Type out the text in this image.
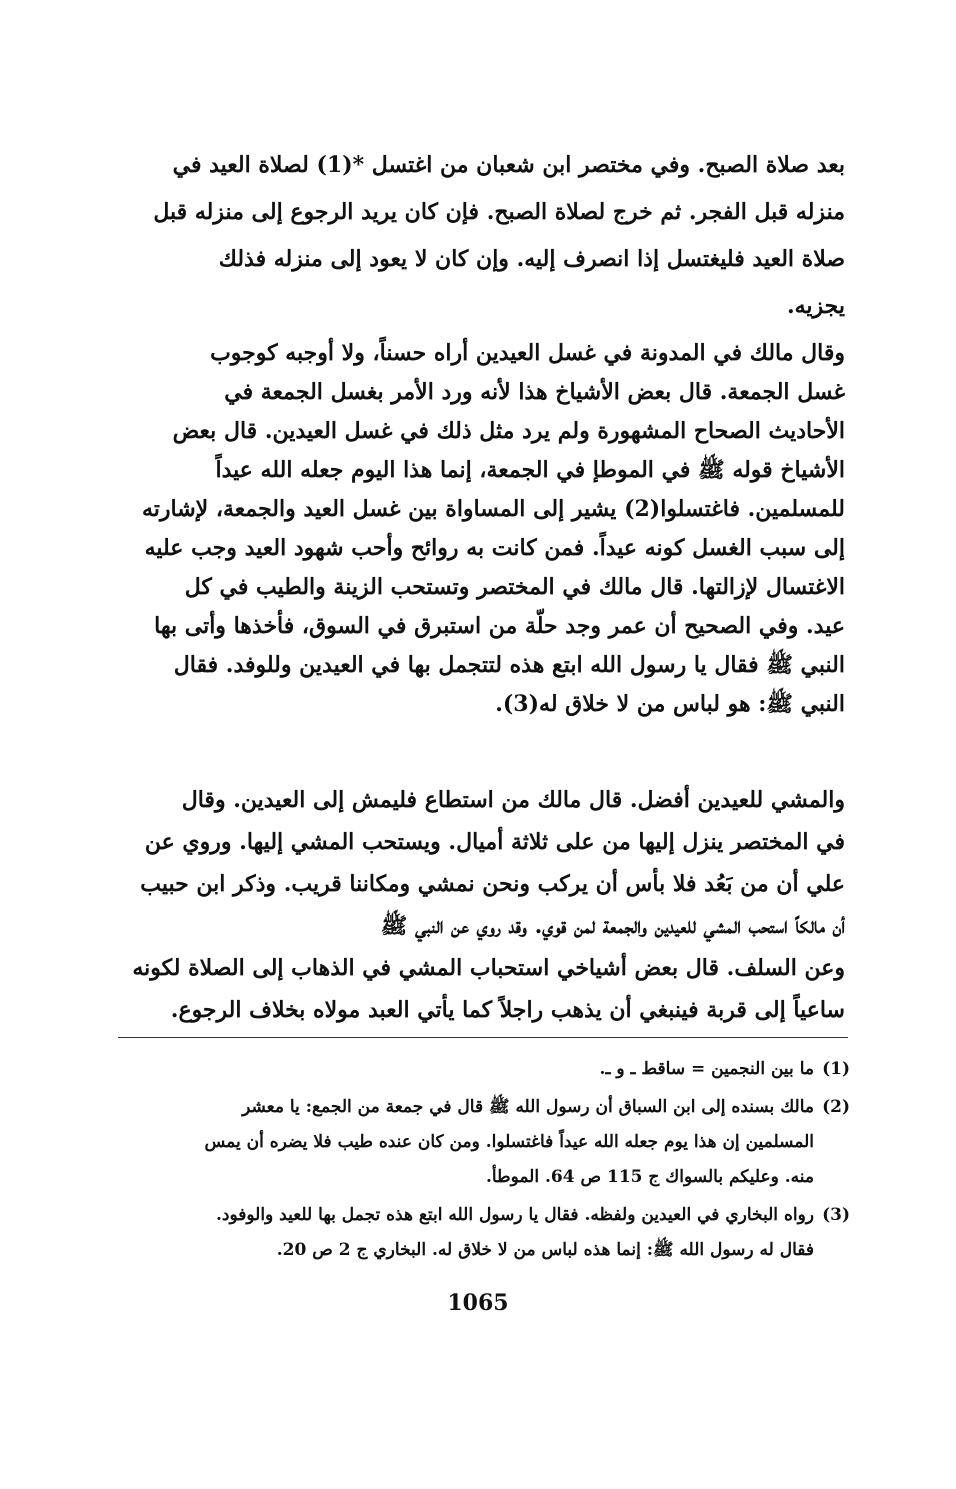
بعد صلاة الصبح. وفي مختصر ابن شعبان من اغتسل *(1) لصلاة العيد في
منزله قبل الفجر. ثم خرج لصلاة الصبح. فإن كان يريد الرجوع إلى منزله قبل
صلاة العيد فليغتسل إذا انصرف إليه. وإن كان لا يعود إلى منزله فذلك
يجزيه.
وقال مالك في المدونة في غسل العيدين أراه حسناً، ولا أوجبه كوجوب
غسل الجمعة. قال بعض الأشياخ هذا لأنه ورد الأمر بغسل الجمعة في
الأحاديث الصحاح المشهورة ولم يرد مثل ذلك في غسل العيدين. قال بعض
الأشياخ قوله ﷺ في الموطإ في الجمعة، إنما هذا اليوم جعله الله عيداً
للمسلمين. فاغتسلوا(2) يشير إلى المساواة بين غسل العيد والجمعة، لإشارته
إلى سبب الغسل كونه عيداً. فمن كانت به روائح وأحب شهود العيد وجب عليه
الاغتسال لإزالتها. قال مالك في المختصر وتستحب الزينة والطيب في كل
عيد. وفي الصحيح أن عمر وجد حلّة من استبرق في السوق، فأخذها وأتى بها
النبي ﷺ فقال يا رسول الله ابتع هذه لتتجمل بها في العيدين وللوفد. فقال
النبي ﷺ: هو لباس من لا خلاق له(3).
والمشي للعيدين أفضل. قال مالك من استطاع فليمش إلى العيدين. وقال
في المختصر ينزل إليها من على ثلاثة أميال. ويستحب المشي إليها. وروي عن
علي أن من بَعُد فلا بأس أن يركب ونحن نمشي ومكاننا قريب. وذكر ابن حبيب
أن مالكاً استحب المشي للعيدين والجمعة لمن قوي. وقد روي عن النبي ﷺ
وعن السلف. قال بعض أشياخي استحباب المشي في الذهاب إلى الصلاة لكونه
ساعياً إلى قربة فينبغي أن يذهب راجلاً كما يأتي العبد مولاه بخلاف الرجوع.
(1)
ما بين النجمين = ساقط ـ و ـ.
(2)
مالك بسنده إلى ابن السباق أن رسول الله ﷺ قال في جمعة من الجمع: يا معشر
المسلمين إن هذا يوم جعله الله عيداً فاغتسلوا. ومن كان عنده طيب فلا يضره أن يمس
منه. وعليكم بالسواك ج 115 ص 64. الموطأ.
(3)
رواه البخاري في العيدين ولفظه. فقال يا رسول الله ابتع هذه تجمل بها للعيد والوفود.
فقال له رسول الله ﷺ: إنما هذه لباس من لا خلاق له. البخاري ج 2 ص 20.
1065
